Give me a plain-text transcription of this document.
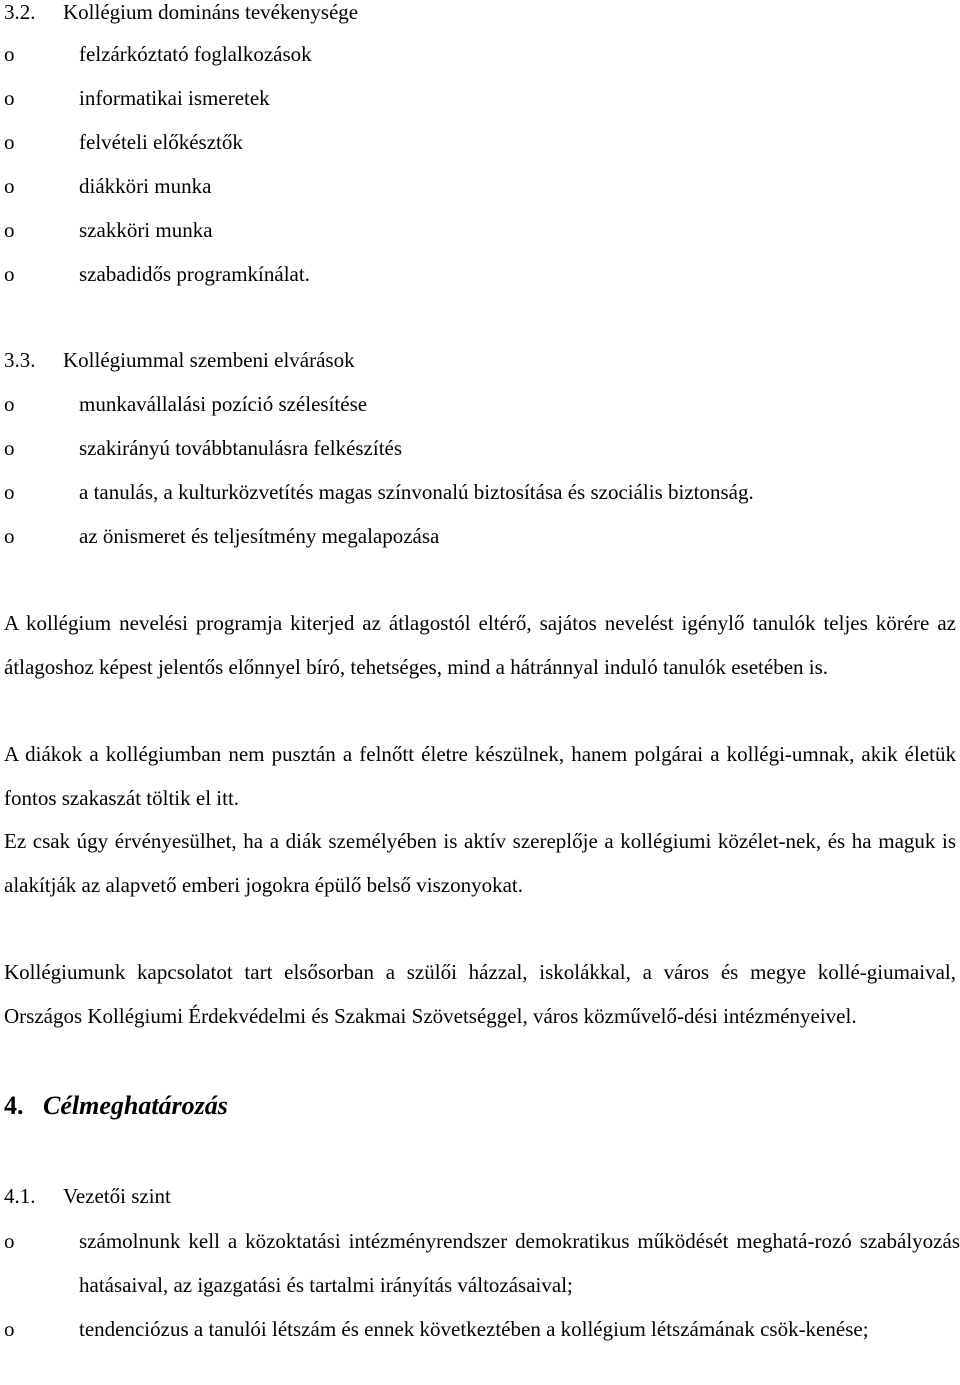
3.2. Kollégium domináns tevékenysége
o	felzárkóztató foglalkozások
o	informatikai ismeretek
o	felvételi előkésztők
o	diákköri munka
o	szakköri munka
o	szabadidős programkínálat.
3.3. Kollégiummal szembeni elvárások
o	munkavállalási pozíció szélesítése
o	szakirányú továbbtanulásra felkészítés
o	a tanulás, a kulturközvetítés magas színvonalú biztosítása és szociális biztonság.
o	az önismeret és teljesítmény megalapozása

A kollégium nevelési programja kiterjed az átlagostól eltérő, sajátos nevelést igénylő tanulók teljes körére az átlagoshoz képest jelentős előnnyel bíró, tehetséges, mind a hátránnyal induló tanulók esetében is.

A diákok a kollégiumban nem pusztán a felnőtt életre készülnek, hanem polgárai a kollégi-umnak, akik életük fontos szakaszát töltik el itt.

Ez csak úgy érvényesülhet, ha a diák személyében is aktív szereplője a kollégiumi közélet-nek, és ha maguk is alakítják az alapvető emberi jogokra épülő belső viszonyokat.

Kollégiumunk kapcsolatot tart elsősorban a szülői házzal, iskolákkal, a város és megye kollé-giumaival, Országos Kollégiumi Érdekvédelmi és Szakmai Szövetséggel, város közművelő-dési intézményeivel.

4. Célmeghatározás
4.1. Vezetői szint
o	számolnunk kell a közoktatási intézményrendszer demokratikus működését meghatá-rozó szabályozás hatásaival, az igazgatási és tartalmi irányítás változásaival;
o	tendenciózus a tanulói létszám és ennek következtében a kollégium létszámának csök-kenése;
